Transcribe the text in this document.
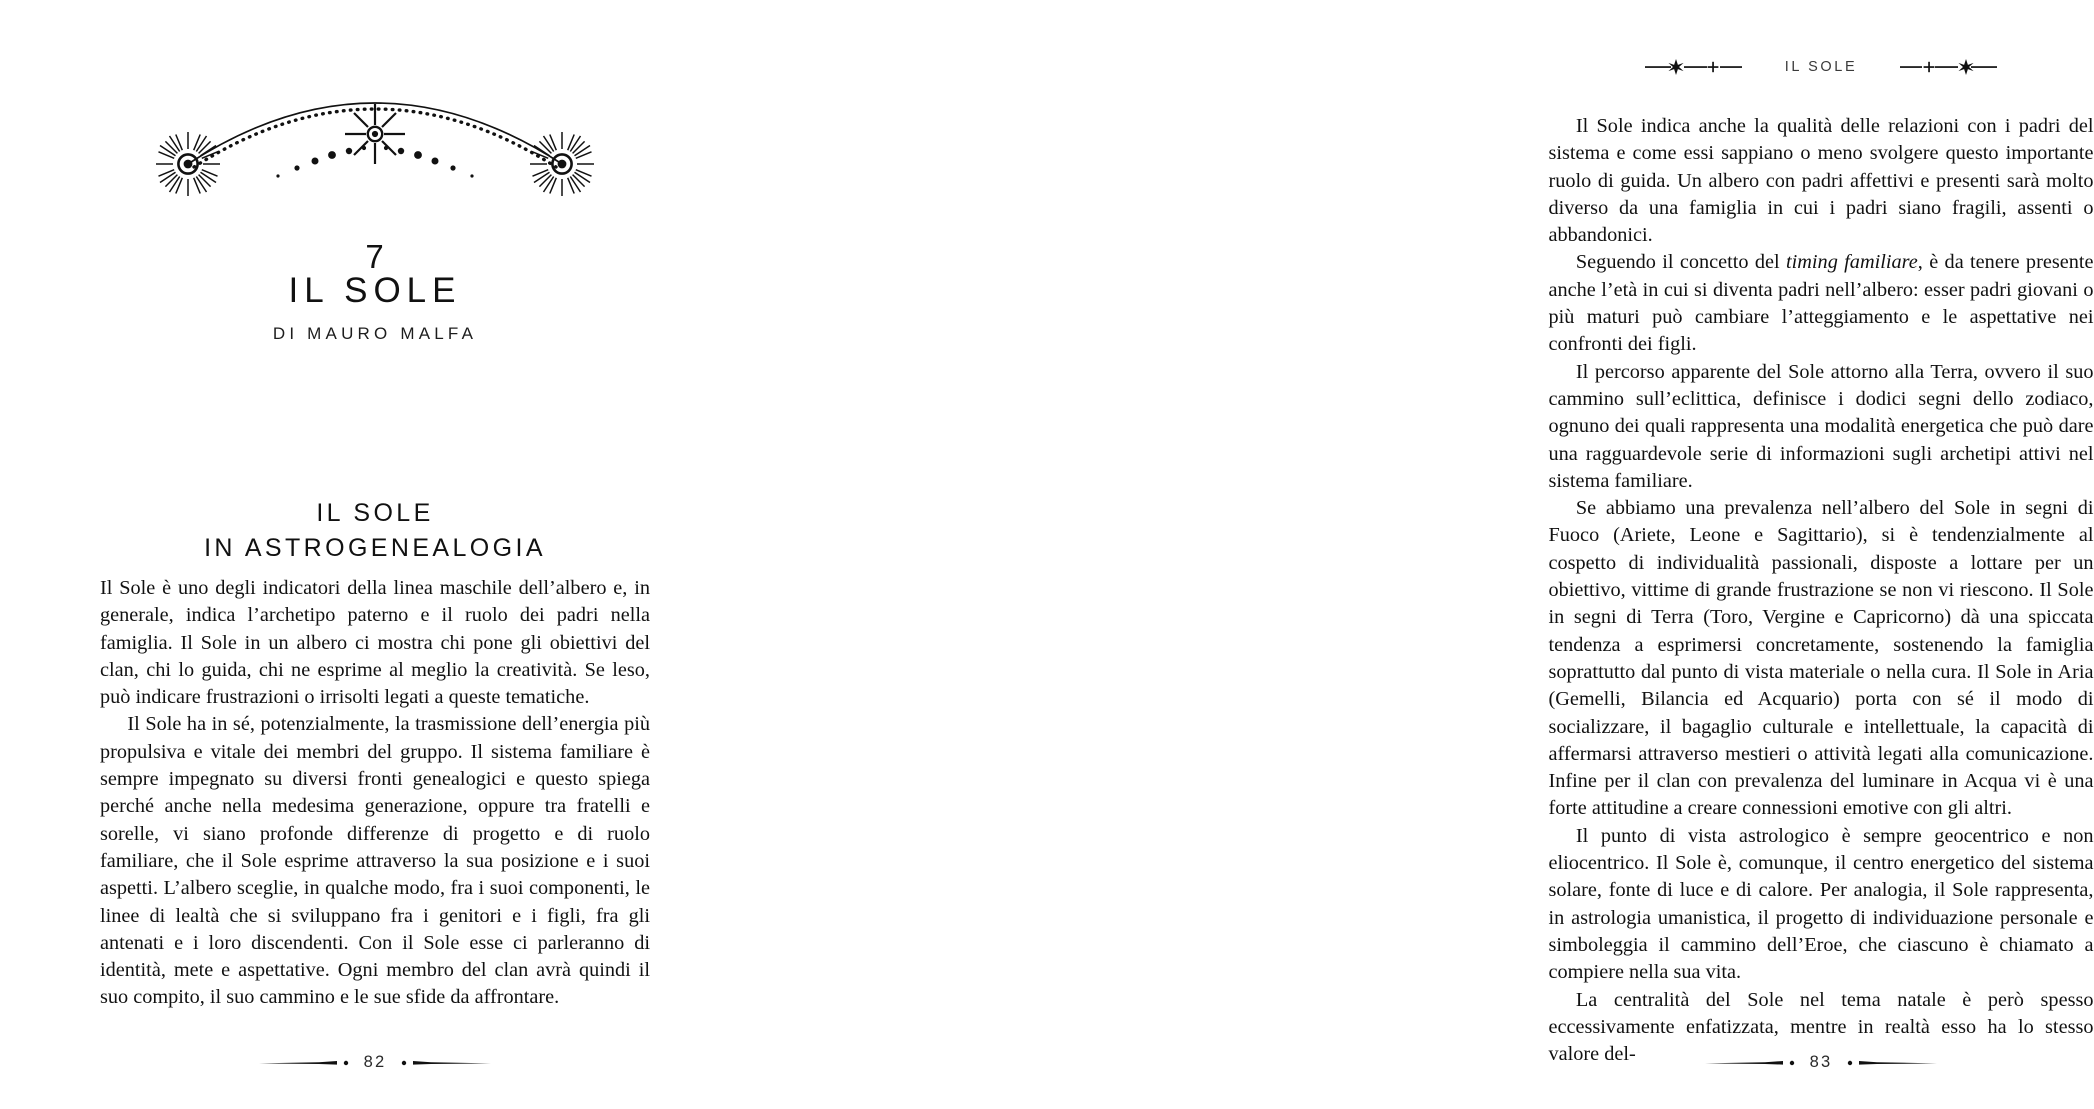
7
IL SOLE
DI MAURO MALFA
IL SOLE
IN ASTROGENEALOGIA

Il Sole è uno degli indicatori della linea maschile dell’albero e, in generale, indica l’archetipo paterno e il ruolo dei padri nella famiglia. Il Sole in un albero ci mostra chi pone gli obiettivi del clan, chi lo guida, chi ne esprime al meglio la creatività. Se leso, può indicare frustrazioni o irrisolti legati a queste tematiche.

Il Sole ha in sé, potenzialmente, la trasmissione dell’energia più propulsiva e vitale dei membri del gruppo. Il sistema familiare è sempre impegnato su diversi fronti genealogici e questo spiega perché anche nella medesima generazione, oppure tra fratelli e sorelle, vi siano profonde differenze di progetto e di ruolo familiare, che il Sole esprime attraverso la sua posizione e i suoi aspetti. L’albero sceglie, in qualche modo, fra i suoi componenti, le linee di lealtà che si sviluppano fra i genitori e i figli, fra gli antenati e i loro discendenti. Con il Sole esse ci parleranno di identità, mete e aspettative. Ogni membro del clan avrà quindi il suo compito, il suo cammino e le sue sfide da affrontare.

82
IL SOLE

Il Sole indica anche la qualità delle relazioni con i padri del sistema e come essi sappiano o meno svolgere questo importante ruolo di guida. Un albero con padri affettivi e presenti sarà molto diverso da una famiglia in cui i padri siano fragili, assenti o abbandonici.

Seguendo il concetto del timing familiare, è da tenere presente anche l’età in cui si diventa padri nell’albero: esser padri giovani o più maturi può cambiare l’atteggiamento e le aspettative nei confronti dei figli.

Il percorso apparente del Sole attorno alla Terra, ovvero il suo cammino sull’eclittica, definisce i dodici segni dello zodiaco, ognuno dei quali rappresenta una modalità energetica che può dare una ragguardevole serie di informazioni sugli archetipi attivi nel sistema familiare.

Se abbiamo una prevalenza nell’albero del Sole in segni di Fuoco (Ariete, Leone e Sagittario), si è tendenzialmente al cospetto di individualità passionali, disposte a lottare per un obiettivo, vittime di grande frustrazione se non vi riescono. Il Sole in segni di Terra (Toro, Vergine e Capricorno) dà una spiccata tendenza a esprimersi concretamente, sostenendo la famiglia soprattutto dal punto di vista materiale o nella cura. Il Sole in Aria (Gemelli, Bilancia ed Acquario) porta con sé il modo di socializzare, il bagaglio culturale e intellettuale, la capacità di affermarsi attraverso mestieri o attività legati alla comunicazione. Infine per il clan con prevalenza del luminare in Acqua vi è una forte attitudine a creare connessioni emotive con gli altri.

Il punto di vista astrologico è sempre geocentrico e non eliocentrico. Il Sole è, comunque, il centro energetico del sistema solare, fonte di luce e di calore. Per analogia, il Sole rappresenta, in astrologia umanistica, il progetto di individuazione personale e simboleggia il cammino dell’Eroe, che ciascuno è chiamato a compiere nella sua vita.

La centralità del Sole nel tema natale è però spesso eccessivamente enfatizzata, mentre in realtà esso ha lo stesso valore del-	83
